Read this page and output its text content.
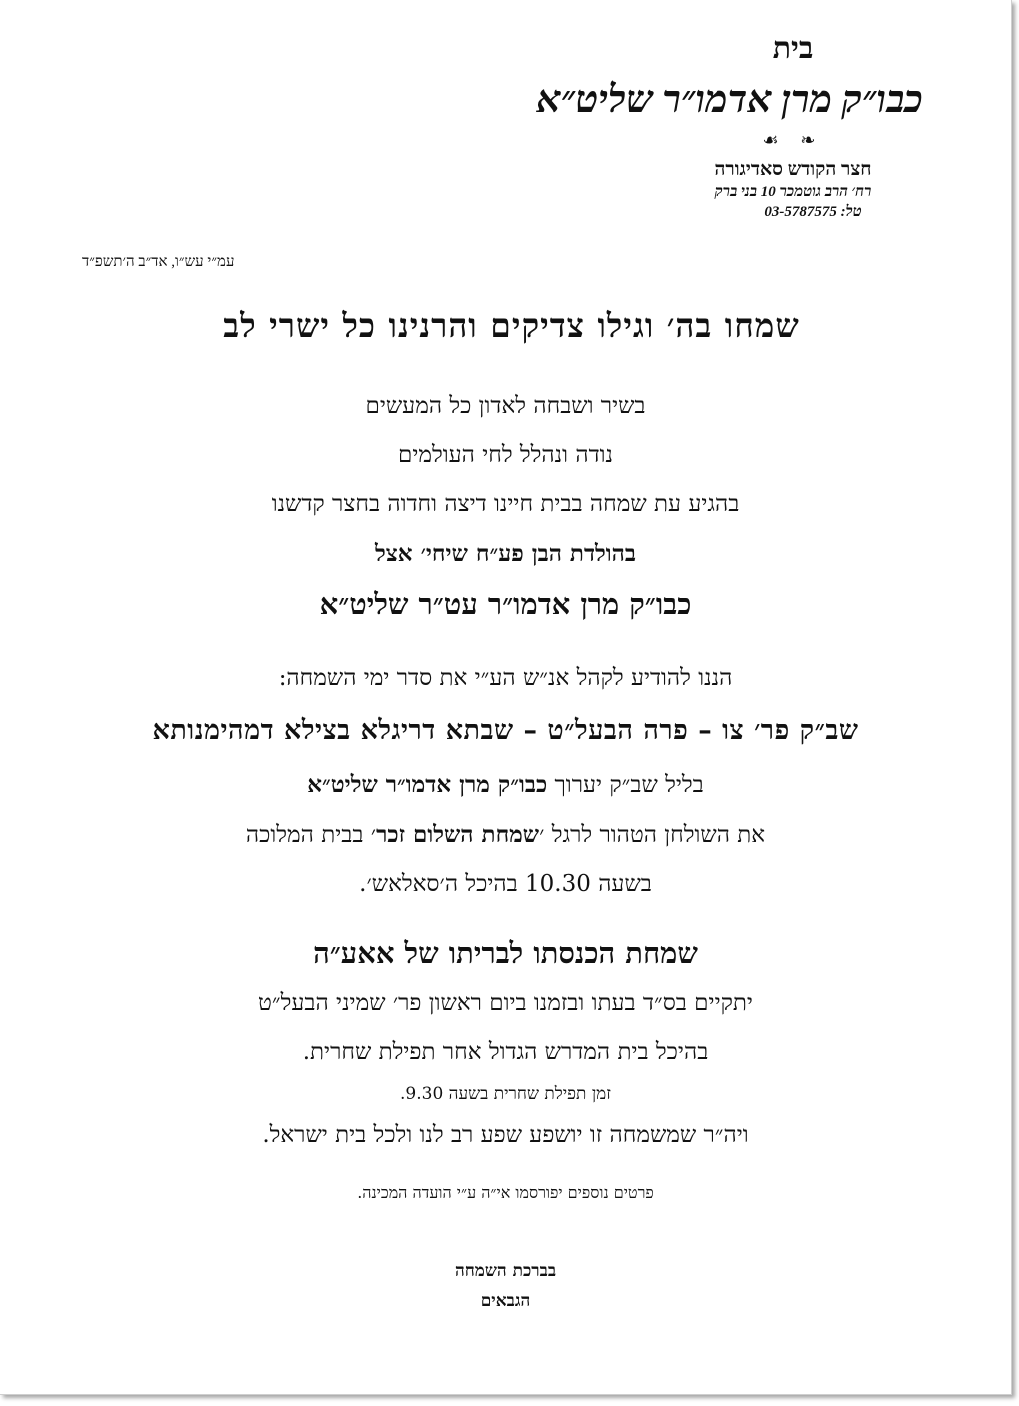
בית

כבו״ק מרן אדמו״ר שליט״א

❧ ☙

חצר הקודש סאדיגורה

רח׳ הרב גוטמכר 10 בני ברק

טל: 03-5787575

עמ״י עש״ו, אד״ב ה׳תשפ״ד

שמחו בה׳ וגילו צדיקים והרנינו כל ישרי לב

בשיר ושבחה לאדון כל המעשים

נודה ונהלל לחי העולמים

בהגיע עת שמחה בבית חיינו דיצה וחדוה בחצר קדשנו

בהולדת הבן פע״ח שיחי׳ אצל

כבו״ק מרן אדמו״ר עט״ר שליט״א

הננו להודיע לקהל אנ״ש הע״י את סדר ימי השמחה:

שב״ק פר׳ צו – פרה הבעל״ט – שבתא דריגלא בצילא דמהימנותא

בליל שב״ק יערוך כבו״ק מרן אדמו״ר שליט״א

את השולחן הטהור לרגל ׳שמחת השלום זכר׳ בבית המלוכה

בשעה 10.30 בהיכל ה׳סאלאש׳.

שמחת הכנסתו לבריתו של אאע״ה

יתקיים בס״ד בעתו ובזמנו ביום ראשון פר׳ שמיני הבעל״ט

בהיכל בית המדרש הגדול אחר תפילת שחרית.

זמן תפילת שחרית בשעה 9.30.

ויה״ר שמשמחה זו יושפע שפע רב לנו ולכל בית ישראל.

פרטים נוספים יפורסמו אי״ה ע״י הועדה המכינה.

בברכת השמחה

הגבאים
